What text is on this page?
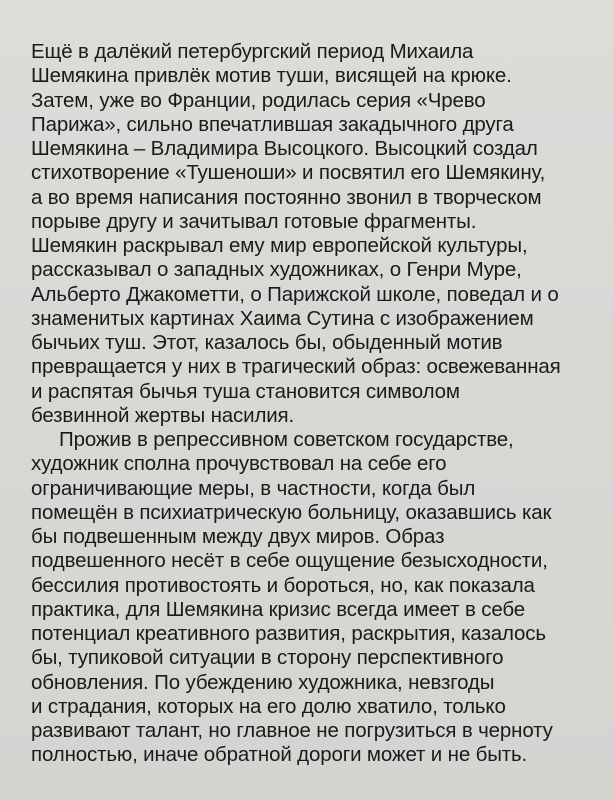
Ещё в далёкий петербургский период Михаила
Шемякина привлёк мотив туши, висящей на крюке.
Затем, уже во Франции, родилась серия «Чрево
Парижа», сильно впечатлившая закадычного друга
Шемякина – Владимира Высоцкого. Высоцкий создал
стихотворение «Тушеноши» и посвятил его Шемякину,
а во время написания постоянно звонил в творческом
порыве другу и зачитывал готовые фрагменты.
Шемякин раскрывал ему мир европейской культуры,
рассказывал о западных художниках, о Генри Муре,
Альберто Джакометти, о Парижской школе, поведал и о
знаменитых картинах Хаима Сутина с изображением
бычьих туш. Этот, казалось бы, обыденный мотив
превращается у них в трагический образ: освежеванная
и распятая бычья туша становится символом
безвинной жертвы насилия.
Прожив в репрессивном советском государстве,
художник сполна прочувствовал на себе его
ограничивающие меры, в частности, когда был
помещён в психиатрическую больницу, оказавшись как
бы подвешенным между двух миров. Образ
подвешенного несёт в себе ощущение безысходности,
бессилия противостоять и бороться, но, как показала
практика, для Шемякина кризис всегда имеет в себе
потенциал креативного развития, раскрытия, казалось
бы, тупиковой ситуации в сторону перспективного
обновления. По убеждению художника, невзгоды
и страдания, которых на его долю хватило, только
развивают талант, но главное не погрузиться в черноту
полностью, иначе обратной дороги может и не быть.
